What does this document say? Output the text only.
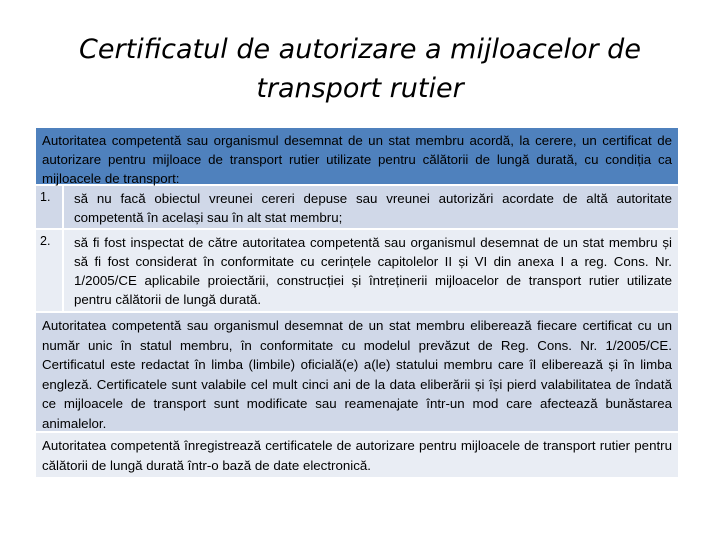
Certificatul de autorizare a mijloacelor de
transport rutier
Autoritatea competentă sau organismul desemnat de un stat membru acordă, la cerere, un certificat de autorizare pentru mijloace de transport rutier utilizate pentru călătorii de lungă durată, cu condiția ca mijloacele de transport:
1.	să nu facă obiectul vreunei cereri depuse sau vreunei autorizări acordate de altă autoritate competentă în același sau în alt stat membru;
2.	să fi fost inspectat de către autoritatea competentă sau organismul desemnat de un stat membru și să fi fost considerat în conformitate cu cerințele capitolelor II și VI din anexa I a reg. Cons. Nr. 1/2005/CE aplicabile proiectării, construcției și întreținerii mijloacelor de transport rutier utilizate pentru călătorii de lungă durată.
Autoritatea competentă sau organismul desemnat de un stat membru eliberează fiecare certificat cu un număr unic în statul membru, în conformitate cu modelul prevăzut de Reg. Cons. Nr. 1/2005/CE. Certificatul este redactat în limba (limbile) oficială(e) a(le) statului membru care îl eliberează și în limba engleză. Certificatele sunt valabile cel mult cinci ani de la data eliberării și își pierd valabilitatea de îndată ce mijloacele de transport sunt modificate sau reamenajate într-un mod care afectează bunăstarea animalelor.
Autoritatea competentă înregistrează certificatele de autorizare pentru mijloacele de transport rutier pentru călătorii de lungă durată într-o bază de date electronică.
